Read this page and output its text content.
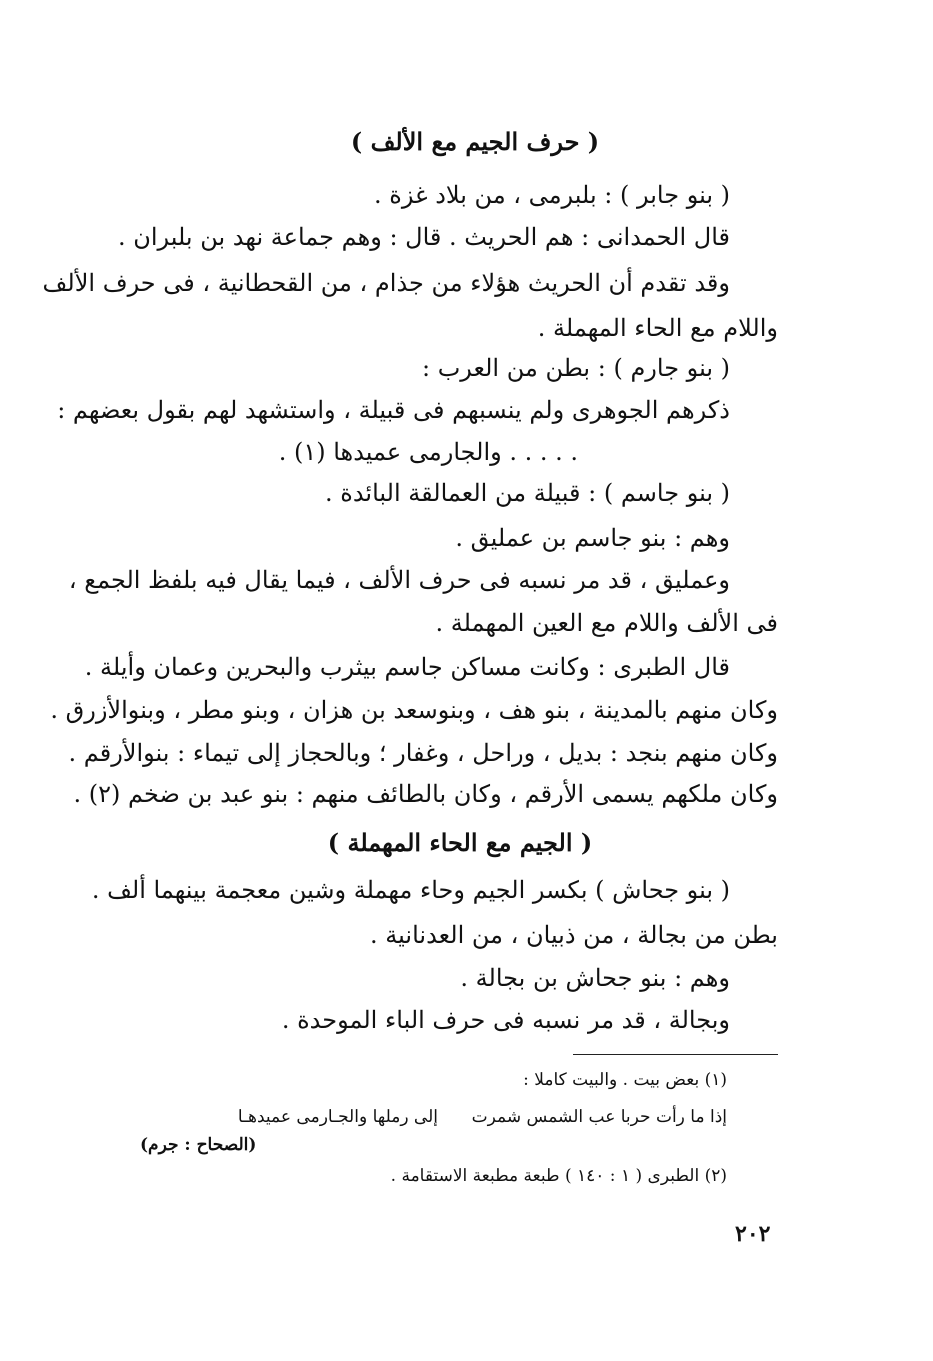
( حرف الجيم مع الألف )
( بنو جابر ) : بلبرمى ، من بلاد غزة .
قال الحمدانى : هم الحريث . قال : وهم جماعة نهد بن بلبران .
وقد تقدم أن الحريث هؤلاء من جذام ، من القحطانية ، فى حرف الألف
واللام مع الحاء المهملة .
( بنو جارم ) : بطن من العرب :
ذكرهم الجوهرى ولم ينسبهم فى قبيلة ، واستشهد لهم بقول بعضهم :
. . . . . والجارمى عميدها (١) .
( بنو جاسم ) : قبيلة من العمالقة البائدة .
وهم : بنو جاسم بن عمليق .
وعمليق ، قد مر نسبه فى حرف الألف ، فيما يقال فيه بلفظ الجمع ،
فى الألف واللام مع العين المهملة .
قال الطبرى : وكانت مساكن جاسم بيثرب والبحرين وعمان وأيلة .
وكان منهم بالمدينة ، بنو هف ، وبنوسعد بن هزان ، وبنو مطر ، وبنوالأزرق .
وكان منهم بنجد : بديل ، وراحل ، وغفار ؛ وبالحجاز إلى تيماء : بنوالأرقم .
وكان ملكهم يسمى الأرقم ، وكان بالطائف منهم : بنو عبد بن ضخم (٢) .
( الجيم مع الحاء المهملة )
( بنو جحاش ) بكسر الجيم وحاء مهملة وشين معجمة بينهما ألف .
بطن من بجالة ، من ذبيان ، من العدنانية .
وهم : بنو جحاش بن بجالة .
وبجالة ، قد مر نسبه فى حرف الباء الموحدة .
(١) بعض بيت . والبيت كاملا :
إذا ما رأت حربا عب الشمس شمرت
إلى رملها والجـارمى عميدهـا
(الصحاح : جرم)
(٢) الطبرى ( ١ : ١٤٠ ) طبعة مطبعة الاستقامة .
٢٠٢
